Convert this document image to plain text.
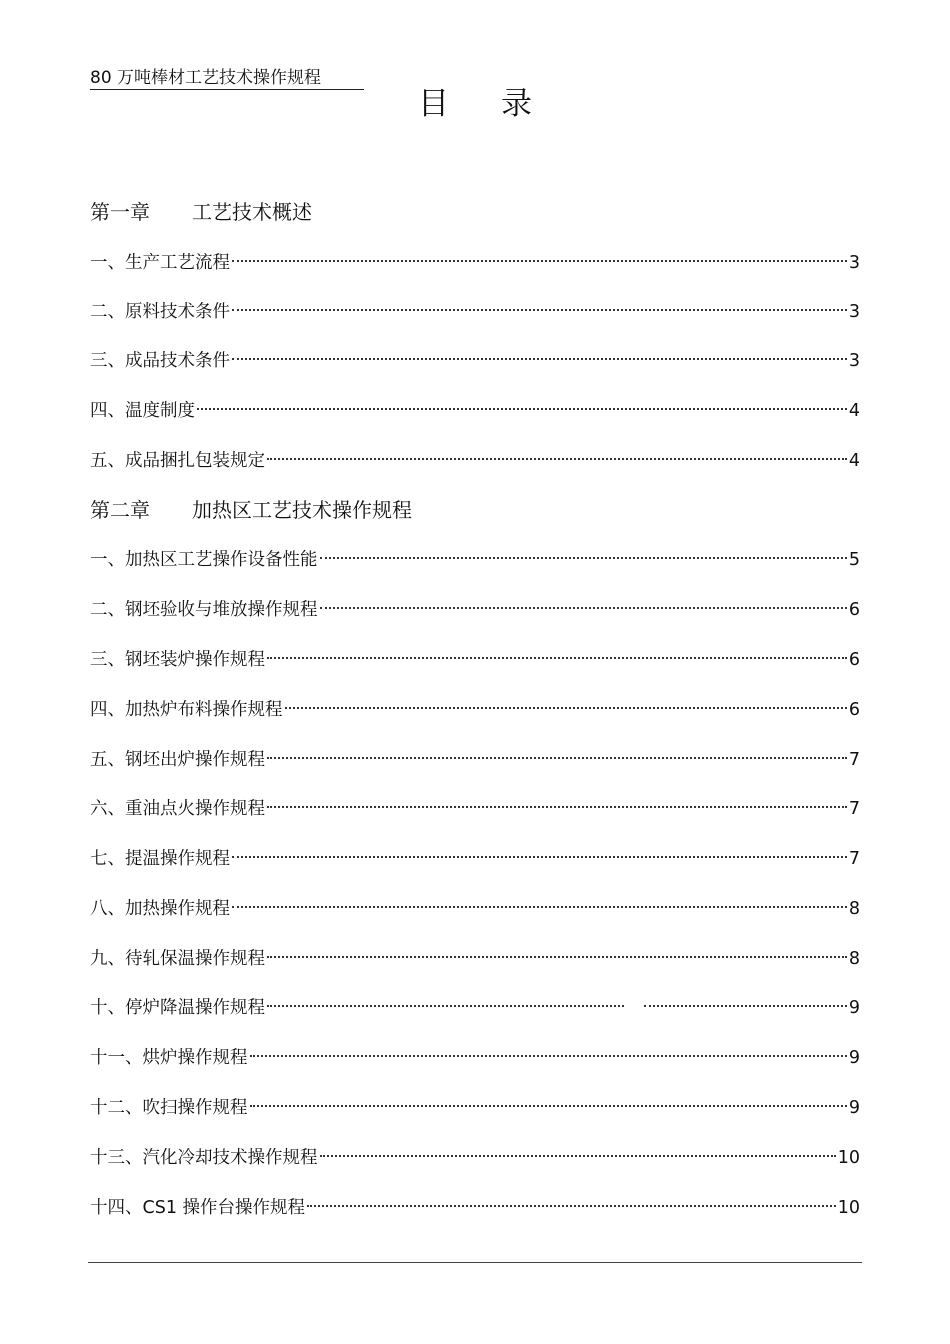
80 万吨棒材工艺技术操作规程
目录
第一章 工艺技术概述
一、生产工艺流程	3
二、原料技术条件	3
三、成品技术条件	3
四、温度制度	4
五、成品捆扎包装规定	4
第二章 加热区工艺技术操作规程
一、加热区工艺操作设备性能	5
二、钢坯验收与堆放操作规程	6
三、钢坯装炉操作规程	6
四、加热炉布料操作规程	6
五、钢坯出炉操作规程	7
六、重油点火操作规程	7
七、提温操作规程	7
八、加热操作规程	8
九、待轧保温操作规程	8
十、停炉降温操作规程	9
十一、烘炉操作规程	9
十二、吹扫操作规程	9
十三、汽化冷却技术操作规程	10
十四、CS1 操作台操作规程	10
